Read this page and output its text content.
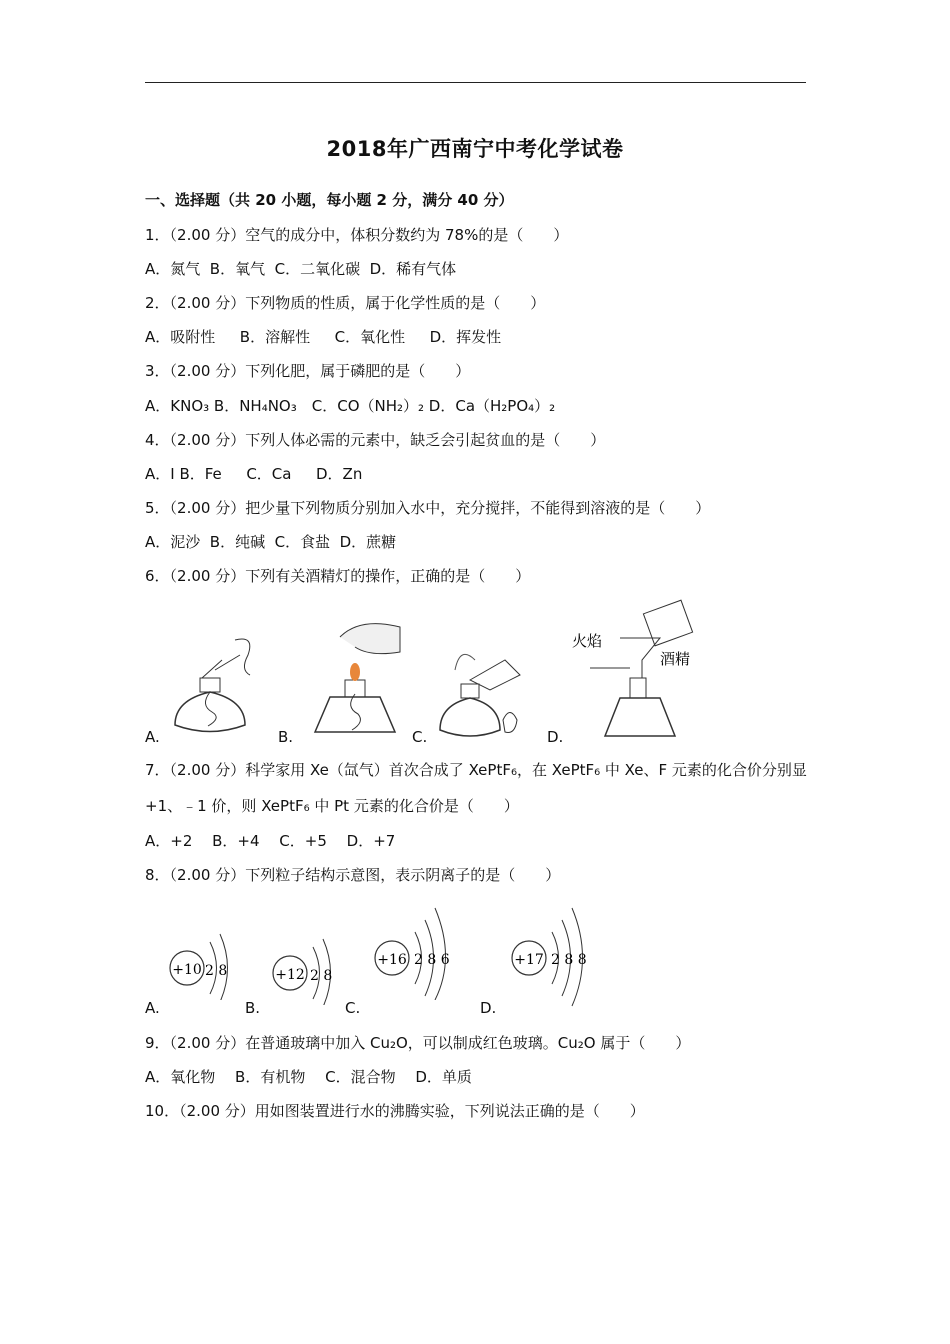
2018年广西南宁中考化学试卷
一、选择题（共 20 小题，每小题 2 分，满分 40 分）
1．（2.00 分）空气的成分中，体积分数约为 78%的是（　　）
A．氮气  B．氧气  C．二氧化碳  D．稀有气体
2．（2.00 分）下列物质的性质，属于化学性质的是（　　）
A．吸附性　  B．溶解性　  C．氧化性　  D．挥发性
3．（2.00 分）下列化肥，属于磷肥的是（　　）
A．KNO₃ B．NH₄NO₃　C．CO（NH₂）₂ D．Ca（H₂PO₄）₂
4．（2.00 分）下列人体必需的元素中，缺乏会引起贫血的是（　　）
A．I B．Fe　  C．Ca　  D．Zn
5．（2.00 分）把少量下列物质分别加入水中，充分搅拌，不能得到溶液的是（　　）
A．泥沙  B．纯碱  C．食盐  D．蔗糖
6．（2.00 分）下列有关酒精灯的操作，正确的是（　　）
火焰
酒精
A.	B.	C.	D.
7．（2.00 分）科学家用 Xe（氙气）首次合成了 XePtF₆，在 XePtF₆ 中 Xe、F 元素的化合价分别显
+1、﹣1 价，则 XePtF₆ 中 Pt 元素的化合价是（　　）
A．+2　 B．+4　 C．+5　 D．+7
8．（2.00 分）下列粒子结构示意图，表示阴离子的是（　　）
+10 2 8	+12 2 8
+16 2 8 6	+17 2 8 8
A.	B.	C.	D.
9．（2.00 分）在普通玻璃中加入 Cu₂O，可以制成红色玻璃。Cu₂O 属于（　　）
A．氧化物　 B．有机物　 C．混合物　 D．单质
10．（2.00 分）用如图装置进行水的沸腾实验，下列说法正确的是（　　）
